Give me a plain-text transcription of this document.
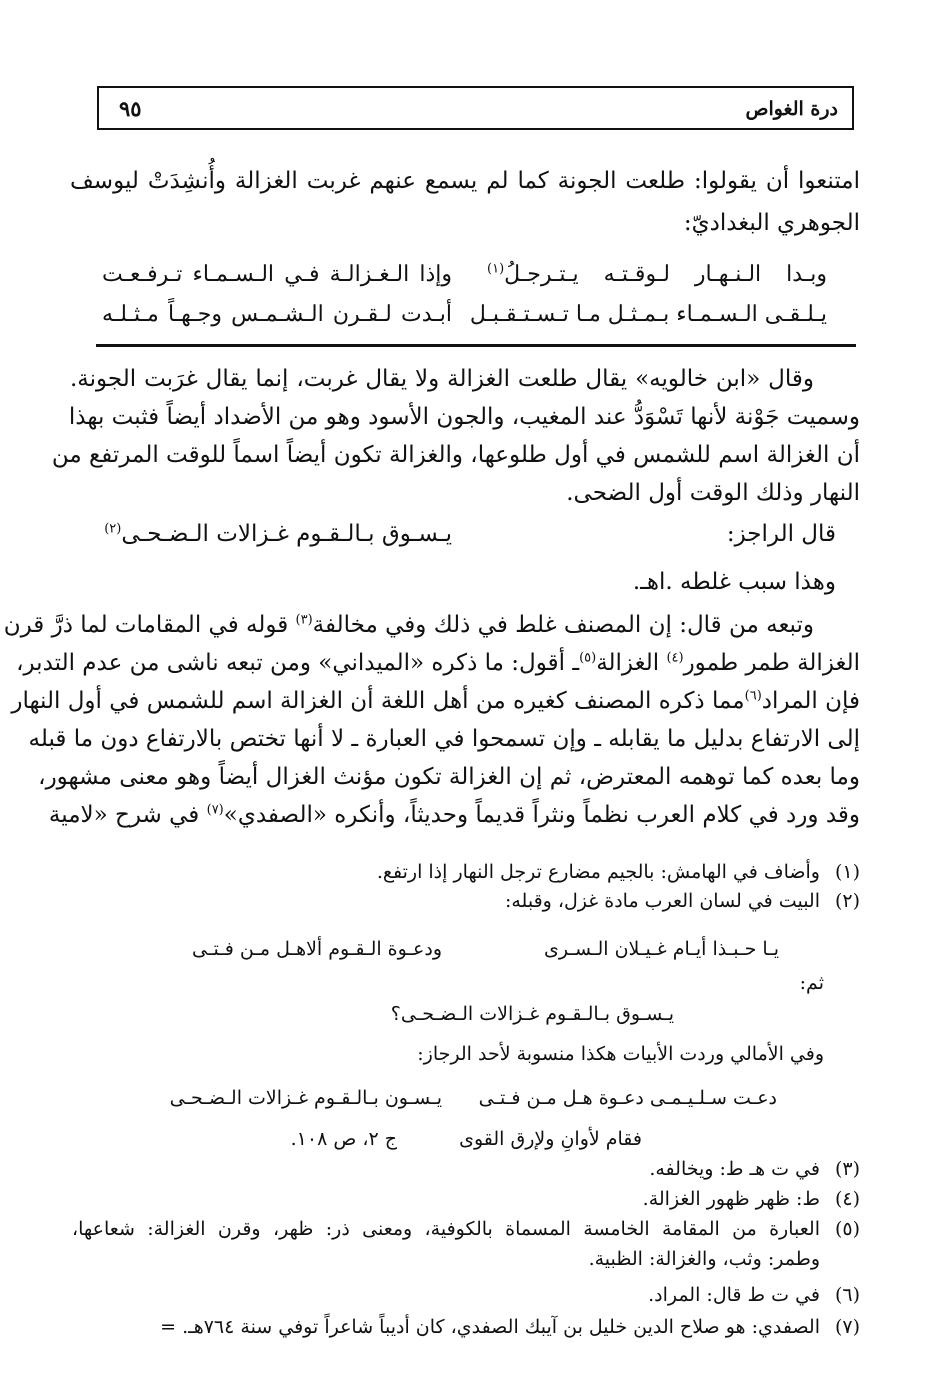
درة الغواص
٩٥
امتنعوا أن يقولوا: طلعت الجونة كما لم يسمع عنهم غربت الغزالة وأُنشِدَتْ ليوسف
الجوهري البغداديّ:
وإذا الـغـزالـة فـي الـسـمـاء تـرفـعـت	وبـدا الـنـهـار لـوقـتـه يـتـرجـلُ$^{(١)}$
أبـدت لـقـرن الـشـمـس وجـهـاً مـثـلـه يـلـقـى الـسـمـاء بـمـثـل مـا تـسـتـقـبـل
وقال «ابن خالويه» يقال طلعت الغزالة ولا يقال غربت، إنما يقال غرَبت الجونة.
وسميت جَوْنة لأنها تَسْوَدُّ عند المغيب، والجون الأسود وهو من الأضداد أيضاً فثبت بهذا
أن الغزالة اسم للشمس في أول طلوعها، والغزالة تكون أيضاً اسماً للوقت المرتفع من
النهار وذلك الوقت أول الضحى.
قال الراجز:
يـسـوق بـالـقـوم غـزالات الـضـحـى$^{(٢)}$
وهذا سبب غلطه .اهـ.
وتبعه من قال: إن المصنف غلط في ذلك وفي مخالفة$^{(٣)}$ قوله في المقامات لما ذرَّ قرن
الغزالة طمر طمور$^{(٤)}$ الغزالة$^{(٥)}$ـ أقول: ما ذكره «الميداني» ومن تبعه ناشى من عدم التدبر،
فإن المراد$^{(٦)}$مما ذكره المصنف كغيره من أهل اللغة أن الغزالة اسم للشمس في أول النهار
إلى الارتفاع بدليل ما يقابله ـ وإن تسمحوا في العبارة ـ لا أنها تختص بالارتفاع دون ما قبله
وما بعده كما توهمه المعترض، ثم إن الغزالة تكون مؤنث الغزال أيضاً وهو معنى مشهور،
وقد ورد في كلام العرب نظماً ونثراً قديماً وحديثاً، وأنكره «الصفدي»$^{(٧)}$ في شرح «لامية
(١)وأضاف في الهامش: بالجيم مضارع ترجل النهار إذا ارتفع.
(٢)البيت في لسان العرب مادة غزل، وقبله:
يـا حـبـذا أيـام غـيـلان الـسـرى
ودعـوة الـقـوم ألاهـل مـن فـتـى
ثم:
يـسـوق بـالـقـوم غـزالات الـضـحـى؟
وفي الأمالي وردت الأبيات هكذا منسوبة لأحد الرجاز:
دعـت سـلـيـمـى دعـوة هـل مـن فـتـى
يـسـون بـالـقـوم غـزالات الـضـحـى
فقام لأوانِ ولإرق القوى
ج ٢، ص ١٠٨.
(٣)في ت هـ ط: ويخالفه.
(٤)ط: ظهر ظهور الغزالة.
(٥)العبارة من المقامة الخامسة المسماة بالكوفية، ومعنى ذر: ظهر، وقرن الغزالة: شعاعها،
وطمر: وثب، والغزالة: الظبية.
(٦)في ت ط قال: المراد.
(٧)الصفدي: هو صلاح الدين خليل بن آيبك الصفدي، كان أديباً شاعراً توفي سنة ٧٦٤هـ. =
